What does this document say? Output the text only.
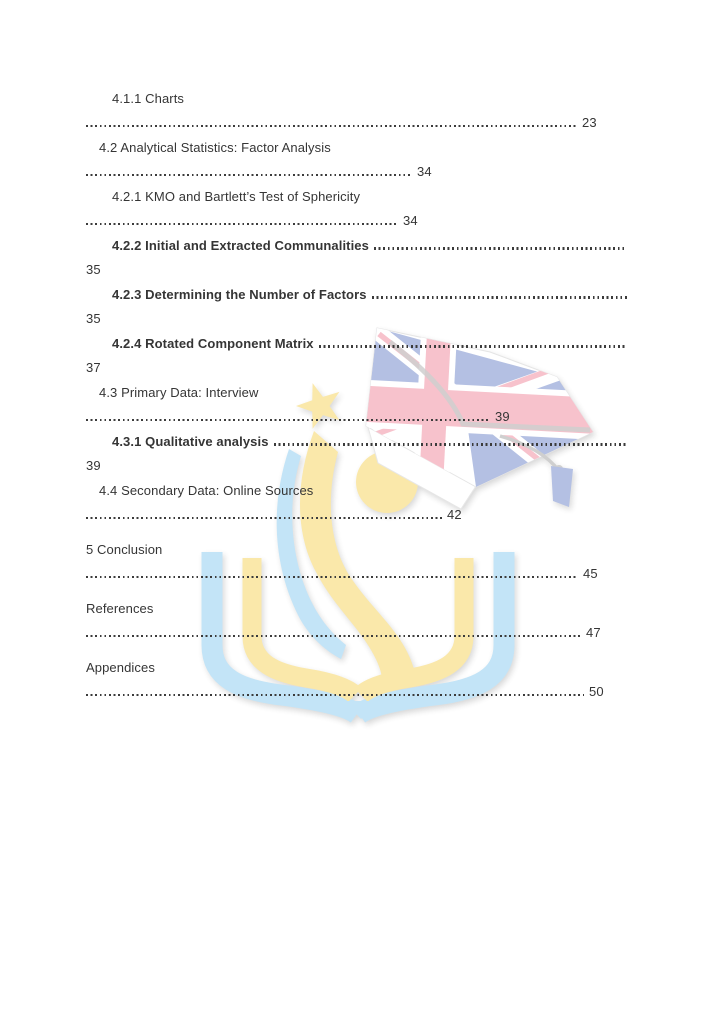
4.1.1 Charts
23
4.2 Analytical Statistics: Factor Analysis
34
4.2.1 KMO and Bartlett’s Test of Sphericity
34
4.2.2 Initial and Extracted Communalities
35
4.2.3 Determining the Number of Factors
35
4.2.4 Rotated Component Matrix
37
4.3 Primary Data: Interview
39
4.3.1 Qualitative analysis
39
4.4 Secondary Data: Online Sources
42
5 Conclusion
45
References
47
Appendices
50
